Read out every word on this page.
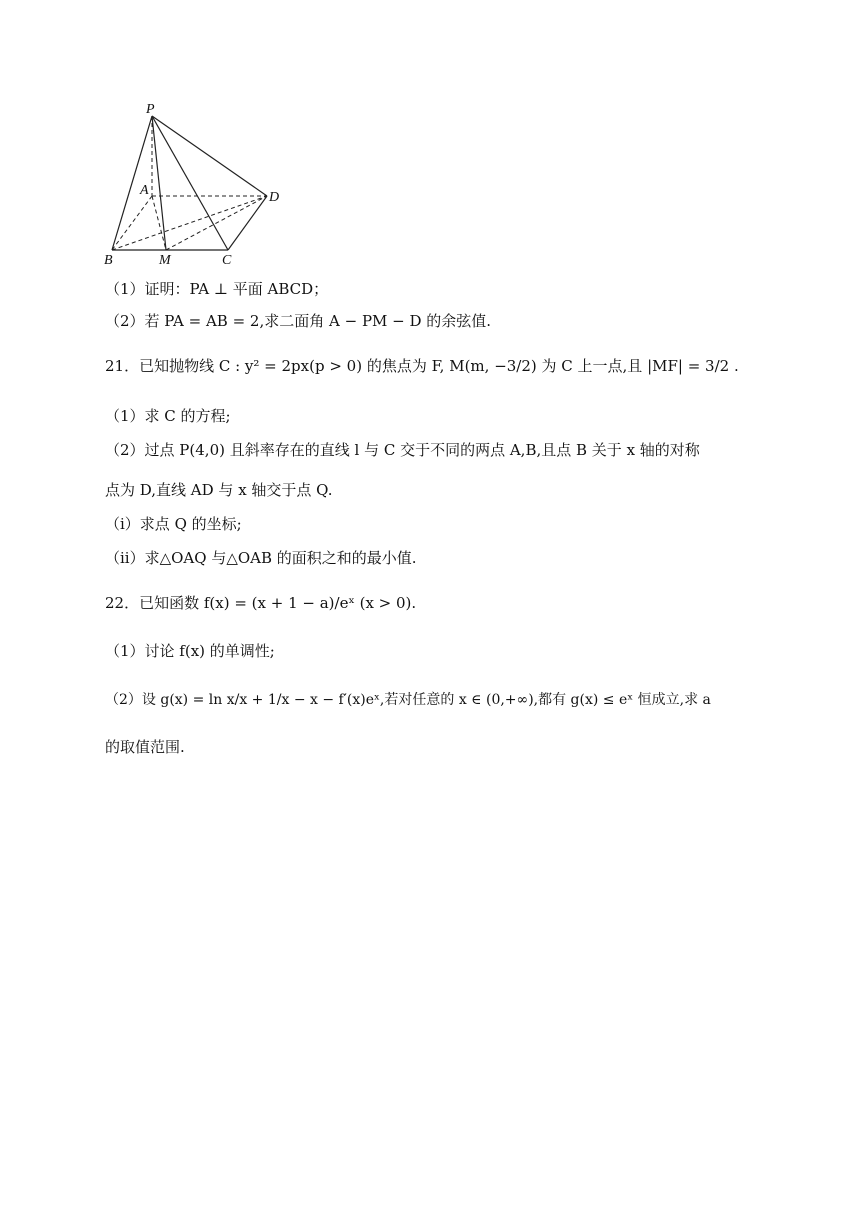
P
A	D
B	M	C
（1）证明：PA ⊥ 平面 ABCD；
（2）若 PA = AB = 2,求二面角 A − PM − D 的余弦值.
21．已知抛物线 C : y² = 2px(p > 0) 的焦点为 F, M(m, −3/2) 为 C 上一点,且 |MF| = 3/2 .
（1）求 C 的方程;
（2）过点 P(4,0) 且斜率存在的直线 l 与 C 交于不同的两点 A,B,且点 B 关于 x 轴的对称
点为 D,直线 AD 与 x 轴交于点 Q.
（i）求点 Q 的坐标;
（ii）求△OAQ 与△OAB 的面积之和的最小值.
22．已知函数 f(x) = (x + 1 − a)/eˣ (x > 0).
（1）讨论 f(x) 的单调性;
（2）设 g(x) = ln x/x + 1/x − x − f′(x)eˣ,若对任意的 x ∈ (0,+∞),都有 g(x) ≤ eˣ 恒成立,求 a
的取值范围.
